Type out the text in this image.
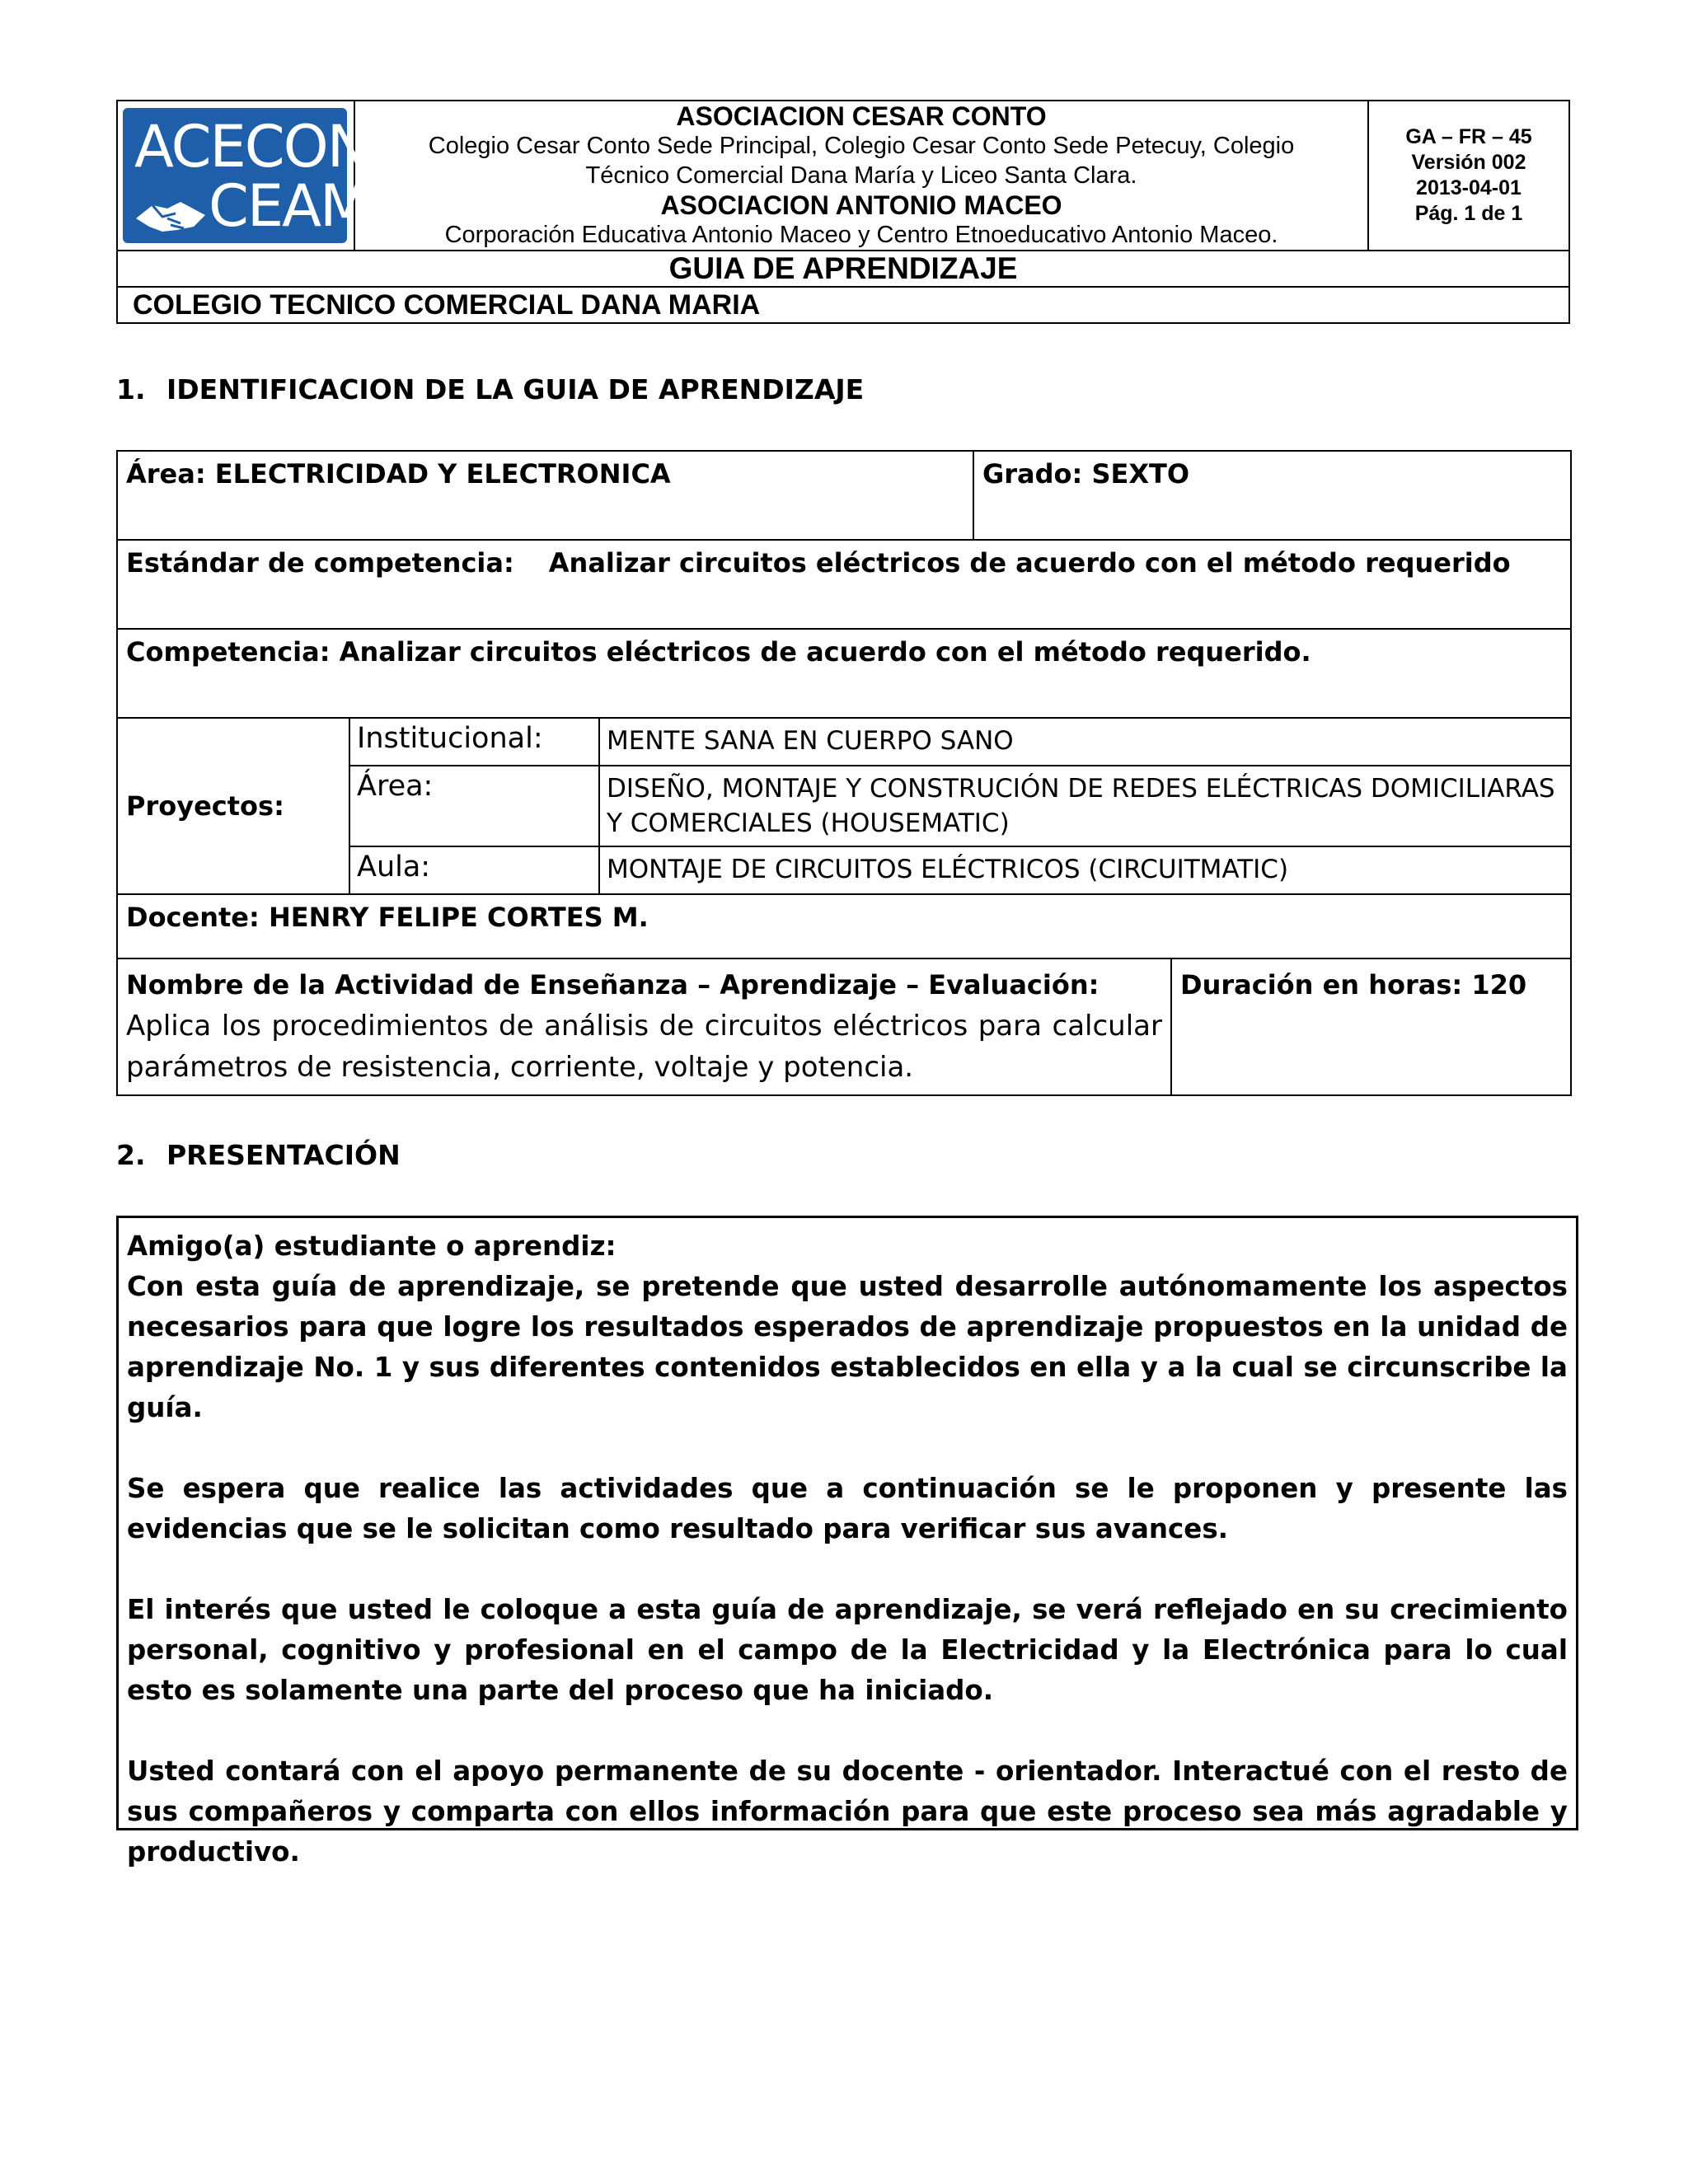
ACECON
CEAM

ASOCIACION CESAR CONTO
Colegio Cesar Conto Sede Principal, Colegio Cesar Conto Sede Petecuy, Colegio
Técnico Comercial Dana María y Liceo Santa Clara.
ASOCIACION ANTONIO MACEO
Corporación Educativa Antonio Maceo y Centro Etnoeducativo Antonio Maceo.

GA – FR – 45
Versión 002
2013-04-01
Pág. 1 de 1

GUIA DE APRENDIZAJE
COLEGIO TECNICO COMERCIAL DANA MARIA
1. IDENTIFICACION DE LA GUIA DE APRENDIZAJE
Área: ELECTRICIDAD Y ELECTRONICA			Grado: SEXTO	
Estándar de competencia: Analizar circuitos eléctricos de acuerdo con el método requerido				
Competencia: Analizar circuitos eléctricos de acuerdo con el método requerido.				
Proyectos:	Institucional:	MENTE SANA EN CUERPO SANO		
	Área:	DISEÑO, MONTAJE Y CONSTRUCIÓN DE REDES ELÉCTRICAS DOMICILIARAS Y COMERCIALES (HOUSEMATIC)		
	Aula:	MONTAJE DE CIRCUITOS ELÉCTRICOS (CIRCUITMATIC)		
Docente: HENRY FELIPE CORTES M.				

Nombre de la Actividad de Enseñanza – Aprendizaje – Evaluación:
Aplica los procedimientos de análisis de circuitos eléctricos para calcular parámetros de resistencia, corriente, voltaje y potencia.				Duración en horas: 120
2. PRESENTACIÓN

Amigo(a) estudiante o aprendiz:

Con esta guía de aprendizaje, se pretende que usted desarrolle autónomamente los aspectos necesarios para que logre los resultados esperados de aprendizaje propuestos en la unidad de aprendizaje No. 1 y sus diferentes contenidos establecidos en ella y a la cual se circunscribe la guía.

Se espera que realice las actividades que a continuación se le proponen y presente las evidencias que se le solicitan como resultado para verificar sus avances.

El interés que usted le coloque a esta guía de aprendizaje, se verá reflejado en su crecimiento personal, cognitivo y profesional en el campo de la Electricidad y la Electrónica para lo cual esto es solamente una parte del proceso que ha iniciado.

Usted contará con el apoyo permanente de su docente - orientador. Interactué con el resto de sus compañeros y comparta con ellos información para que este proceso sea más agradable y productivo.
